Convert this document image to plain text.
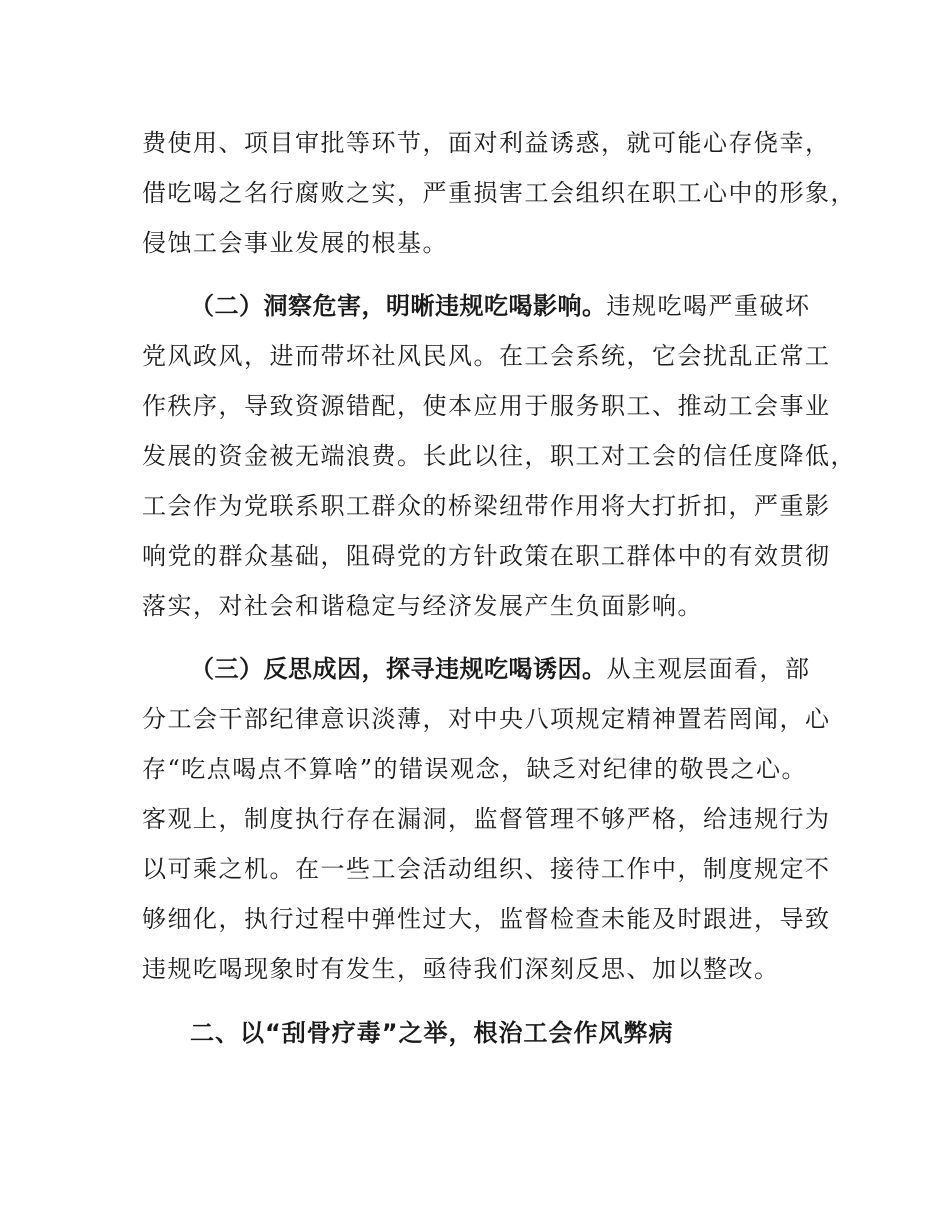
费使用、项目审批等环节，面对利益诱惑，就可能心存侥幸，
借吃喝之名行腐败之实，严重损害工会组织在职工心中的形象，
侵蚀工会事业发展的根基。
（二）洞察危害，明晰违规吃喝影响。违规吃喝严重破坏
党风政风，进而带坏社风民风。在工会系统，它会扰乱正常工
作秩序，导致资源错配，使本应用于服务职工、推动工会事业
发展的资金被无端浪费。长此以往，职工对工会的信任度降低，
工会作为党联系职工群众的桥梁纽带作用将大打折扣，严重影
响党的群众基础，阻碍党的方针政策在职工群体中的有效贯彻
落实，对社会和谐稳定与经济发展产生负面影响。
（三）反思成因，探寻违规吃喝诱因。从主观层面看，部
分工会干部纪律意识淡薄，对中央八项规定精神置若罔闻，心
存“吃点喝点不算啥”的错误观念，缺乏对纪律的敬畏之心。
客观上，制度执行存在漏洞，监督管理不够严格，给违规行为
以可乘之机。在一些工会活动组织、接待工作中，制度规定不
够细化，执行过程中弹性过大，监督检查未能及时跟进，导致
违规吃喝现象时有发生，亟待我们深刻反思、加以整改。
二、以“刮骨疗毒”之举，根治工会作风弊病
